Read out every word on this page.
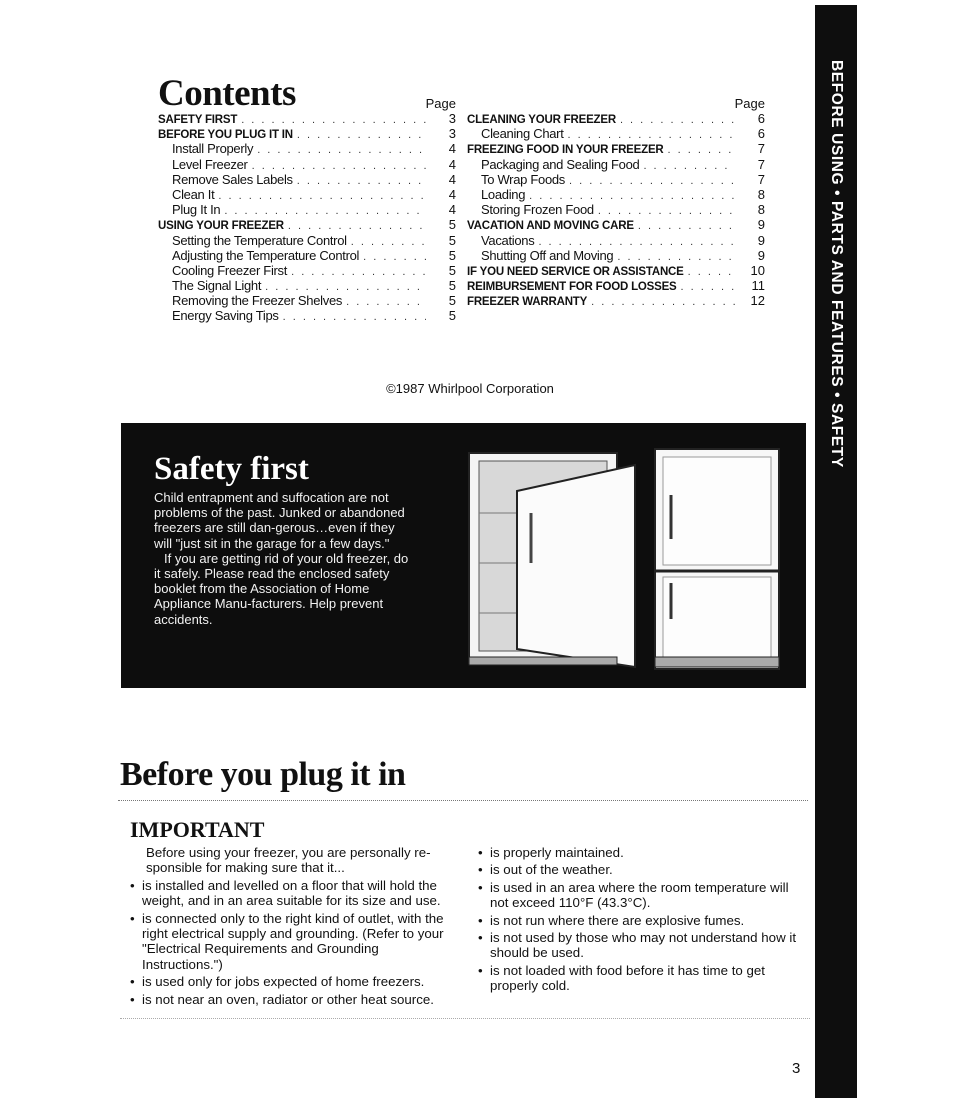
BEFORE USING • PARTS AND FEATURES • SAFETY
Contents	Page
SAFETY FIRST . . .	3
BEFORE YOU PLUG IT IN . . .	3
Install Properly . . .	4
Level Freezer . . .	4
Remove Sales Labels . . .	4
Clean It . . .	4
Plug It In . . .	4
USING YOUR FREEZER . . .	5
Setting the Temperature Control . . .	5
Adjusting the Temperature Control . . .	5
Cooling Freezer First . . .	5
The Signal Light . . .	5
Removing the Freezer Shelves . . .	5
Energy Saving Tips . . .	5
Page
CLEANING YOUR FREEZER . . .	6
Cleaning Chart . . .	6
FREEZING FOOD IN YOUR FREEZER . . .	7
Packaging and Sealing Food . . .	7
To Wrap Foods . . .	7
Loading . . .	8
Storing Frozen Food . . .	8
VACATION AND MOVING CARE . . .	9
Vacations . . .	9
Shutting Off and Moving . . .	9
IF YOU NEED SERVICE OR ASSISTANCE . . .	10
REIMBURSEMENT FOR FOOD LOSSES . . .	11
FREEZER WARRANTY . . .	12
©1987 Whirlpool Corporation
Safety first

Child entrapment and suffocation are not problems of the past. Junked or abandoned freezers are still dan-gerous…even if they will "just sit in the garage for a few days."

If you are getting rid of your old freezer, do it safely. Please read the enclosed safety booklet from the Association of Home Appliance Manu-facturers. Help prevent accidents.

Before you plug it in
IMPORTANT

Before using your freezer, you are personally re-sponsible for making sure that it...

• is installed and levelled on a floor that will hold the weight, and in an area suitable for its size and use.

• is connected only to the right kind of outlet, with the right electrical supply and grounding. (Refer to your "Electrical Requirements and Grounding Instructions.")

• is used only for jobs expected of home freezers.

• is not near an oven, radiator or other heat source.

• is properly maintained.

• is out of the weather.

• is used in an area where the room temperature will not exceed 110°F (43.3°C).

• is not run where there are explosive fumes.

• is not used by those who may not understand how it should be used.

• is not loaded with food before it has time to get properly cold.

3
